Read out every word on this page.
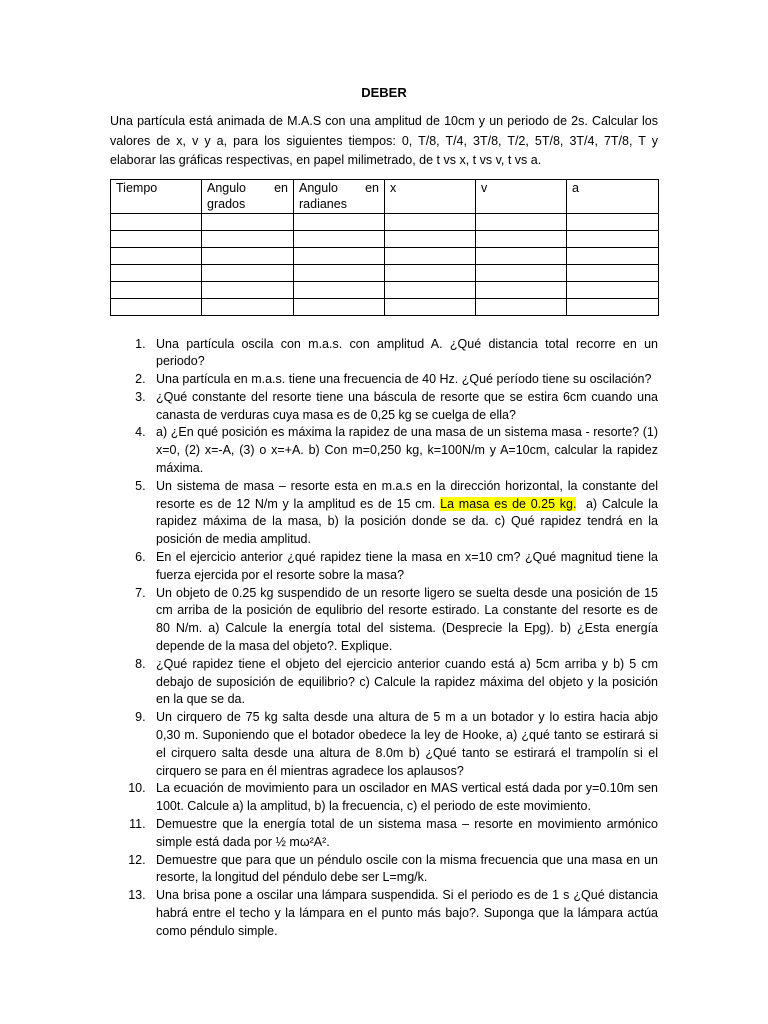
DEBER

Una partícula está animada de M.A.S con una amplitud de 10cm y un periodo de 2s. Calcular los valores de x, v y a, para los siguientes tiempos: 0, T/8, T/4, 3T/8, T/2, 5T/8, 3T/4, 7T/8, T y elaborar las gráficas respectivas, en papel milimetrado, de t vs x, t vs v, t vs a.

Tiempo	Angulo en grados	Angulo en radianes	x	v	a

1. Una partícula oscila con m.a.s. con amplitud A. ¿Qué distancia total recorre en un periodo?
2. Una partícula en m.a.s. tiene una frecuencia de 40 Hz. ¿Qué período tiene su oscilación?
3. ¿Qué constante del resorte tiene una báscula de resorte que se estira 6cm cuando una canasta de verduras cuya masa es de 0,25 kg se cuelga de ella?
4. a) ¿En qué posición es máxima la rapidez de una masa de un sistema masa - resorte? (1) x=0, (2) x=-A, (3) o x=+A. b) Con m=0,250 kg, k=100N/m y A=10cm, calcular la rapidez máxima.
5. Un sistema de masa – resorte esta en m.a.s en la dirección horizontal, la constante del resorte es de 12 N/m y la amplitud es de 15 cm. La masa es de 0.25 kg.  a) Calcule la rapidez máxima de la masa, b) la posición donde se da. c) Qué rapidez tendrá en la posición de media amplitud.
6. En el ejercicio anterior ¿qué rapidez tiene la masa en x=10 cm? ¿Qué magnitud tiene la fuerza ejercida por el resorte sobre la masa?
7. Un objeto de 0.25 kg suspendido de un resorte ligero se suelta desde una posición de 15 cm arriba de la posición de equlibrio del resorte estirado. La constante del resorte es de 80 N/m. a) Calcule la energía total del sistema. (Desprecie la Epg). b) ¿Esta energía depende de la masa del objeto?. Explique.
8. ¿Qué rapidez tiene el objeto del ejercicio anterior cuando está a) 5cm arriba y b) 5 cm debajo de suposición de equilibrio? c) Calcule la rapidez máxima del objeto y la posición en la que se da.
9. Un cirquero de 75 kg salta desde una altura de 5 m a un botador y lo estira hacia abjo 0,30 m. Suponiendo que el botador obedece la ley de Hooke, a) ¿qué tanto se estirará si el cirquero salta desde una altura de 8.0m b) ¿Qué tanto se estirará el trampolín si el cirquero se para en él mientras agradece los aplausos?
10. La ecuación de movimiento para un oscilador en MAS vertical está dada por y=0.10m sen 100t. Calcule a) la amplitud, b) la frecuencia, c) el periodo de este movimiento.
11. Demuestre que la energía total de un sistema masa – resorte en movimiento armónico simple está dada por ½ mω²A².
12. Demuestre que para que un péndulo oscile con la misma frecuencia que una masa en un resorte, la longitud del péndulo debe ser L=mg/k.
13. Una brisa pone a oscilar una lámpara suspendida. Si el periodo es de 1 s ¿Qué distancia habrá entre el techo y la lámpara en el punto más bajo?. Suponga que la lámpara actúa como péndulo simple.
